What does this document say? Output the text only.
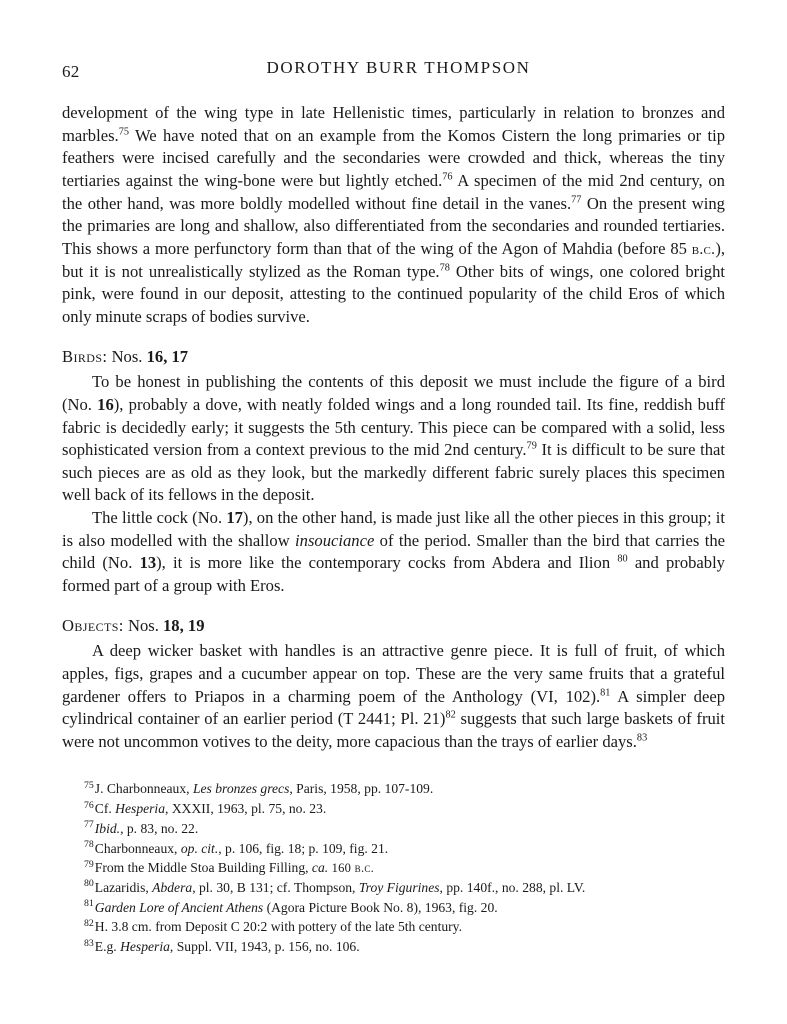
62	DOROTHY BURR THOMPSON

development of the wing type in late Hellenistic times, particularly in relation to bronzes and marbles.$^{75}$ We have noted that on an example from the Komos Cistern the long primaries or tip feathers were incised carefully and the secondaries were crowded and thick, whereas the tiny tertiaries against the wing-bone were but lightly etched.$^{76}$ A specimen of the mid 2nd century, on the other hand, was more boldly modelled without fine detail in the vanes.$^{77}$ On the present wing the primaries are long and shallow, also differentiated from the secondaries and rounded tertiaries. This shows a more perfunctory form than that of the wing of the Agon of Mahdia (before 85 b.c.), but it is not unrealistically stylized as the Roman type.$^{78}$ Other bits of wings, one colored bright pink, were found in our deposit, attesting to the continued popularity of the child Eros of which only minute scraps of bodies survive.

Birds: Nos. 16, 17

To be honest in publishing the contents of this deposit we must include the figure of a bird (No. 16), probably a dove, with neatly folded wings and a long rounded tail. Its fine, reddish buff fabric is decidedly early; it suggests the 5th century. This piece can be compared with a solid, less sophisticated version from a context previous to the mid 2nd century.$^{79}$ It is difficult to be sure that such pieces are as old as they look, but the markedly different fabric surely places this specimen well back of its fellows in the deposit.

The little cock (No. 17), on the other hand, is made just like all the other pieces in this group; it is also modelled with the shallow insouciance of the period. Smaller than the bird that carries the child (No. 13), it is more like the contemporary cocks from Abdera and Ilion $^{80}$ and probably formed part of a group with Eros.

Objects: Nos. 18, 19

A deep wicker basket with handles is an attractive genre piece. It is full of fruit, of which apples, figs, grapes and a cucumber appear on top. These are the very same fruits that a grateful gardener offers to Priapos in a charming poem of the Anthology (VI, 102).$^{81}$ A simpler deep cylindrical container of an earlier period (T 2441; Pl. 21)$^{82}$ suggests that such large baskets of fruit were not uncommon votives to the deity, more capacious than the trays of earlier days.$^{83}$

$^{75}$J. Charbonneaux, Les bronzes grecs, Paris, 1958, pp. 107-109.

$^{76}$Cf. Hesperia, XXXII, 1963, pl. 75, no. 23.

$^{77}$Ibid., p. 83, no. 22.

$^{78}$Charbonneaux, op. cit., p. 106, fig. 18; p. 109, fig. 21.

$^{79}$From the Middle Stoa Building Filling, ca. 160 b.c.

$^{80}$Lazaridis, Abdera, pl. 30, B 131; cf. Thompson, Troy Figurines, pp. 140f., no. 288, pl. LV.

$^{81}$Garden Lore of Ancient Athens (Agora Picture Book No. 8), 1963, fig. 20.

$^{82}$H. 3.8 cm. from Deposit C 20:2 with pottery of the late 5th century.

$^{83}$E.g. Hesperia, Suppl. VII, 1943, p. 156, no. 106.
